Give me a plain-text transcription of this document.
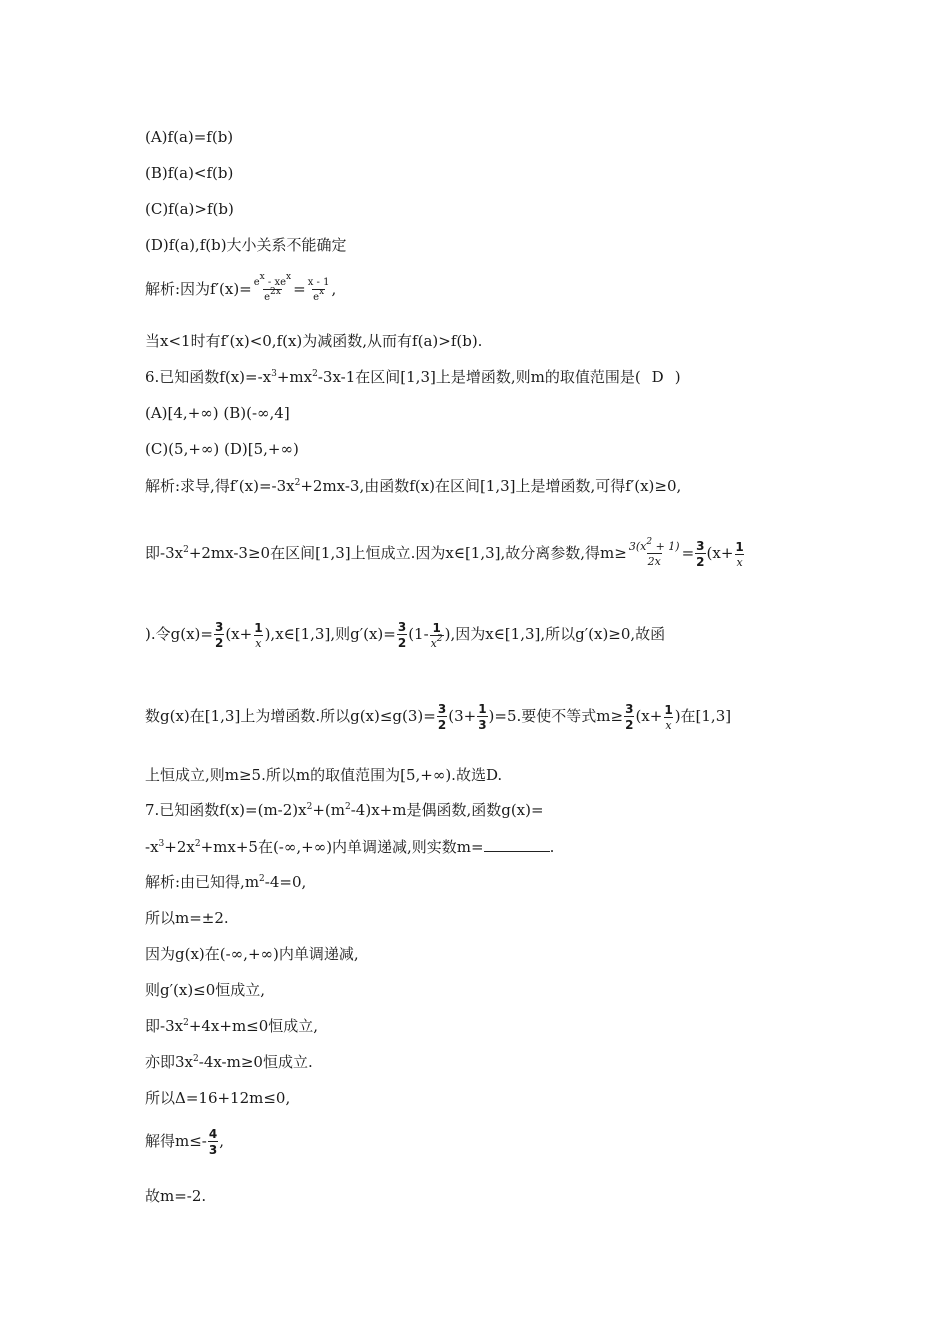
(A)f(a)=f(b)
(B)f(a)<f(b)
(C)f(a)>f(b)
(D)f(a),f(b)大小关系不能确定
解析:因为$f'(x)= e^x - xe^x$
$e^{2x} = \frac{x - 1}{e^x}$ ,
当x<1时有f′(x)<0,f(x)为减函数,从而有f(a)>f(b).
6.已知函数$f(x)=-x^3+mx^2-3x-1$在区间[1,3]上是增函数,则m的取值范围是( D )
(A)[4,+∞) (B)(-∞,4]
(C)(5,+∞) (D)[5,+∞)
解析:求导,得$f'(x)=-3x^2+2mx-3$,由函数f(x)在区间[1,3]上是增函数,可得f′(x)≥0,
即$-3x^2+2mx-3\ge 0$在区间[1,3]上恒成立.因为x∈[1,3],故分离参数,得$m\ge \frac{3(x^2 + 1)}{2x} = \frac{3}{2} (x+ \frac{1}{x}$
).令$g(x)= \frac{3}{2} (x+ \frac{1}{x}$ ),x∈[1,3],则$g'(x)= \frac{3}{2} (1- \frac{1}{x^2}$ ),因为x∈[1,3],所以g′(x)≥0,故函
数g(x)在[1,3]上为增函数.所以$g(x)\le g(3)= \frac{3}{2} (3+ \frac{1}{3} )=5$.要使不等式$m\ge \frac{3}{2} (x+ \frac{1}{x}$ )在[1,3]
上恒成立,则m≥5.所以m的取值范围为[5,+∞).故选D.
7.已知函数$f(x)=(m-2)x^2+(m^2-4)x+m$是偶函数,函数g(x)=
$-x^3+2x^2+mx+5$在(-∞,+∞)内单调递减,则实数m=	.
解析:由已知得$,m^2-4=0$,
所以m=±2.
因为g(x)在(-∞,+∞)内单调递减,
则g′(x)≤0恒成立,
即$-3x^2+4x+m\le 0$恒成立,
亦即$3x^2-4x-m\ge 0$恒成立.
所以Δ=16+12m≤0,
解得$m\le- \frac{4}{3}$ ,
故m=-2.
